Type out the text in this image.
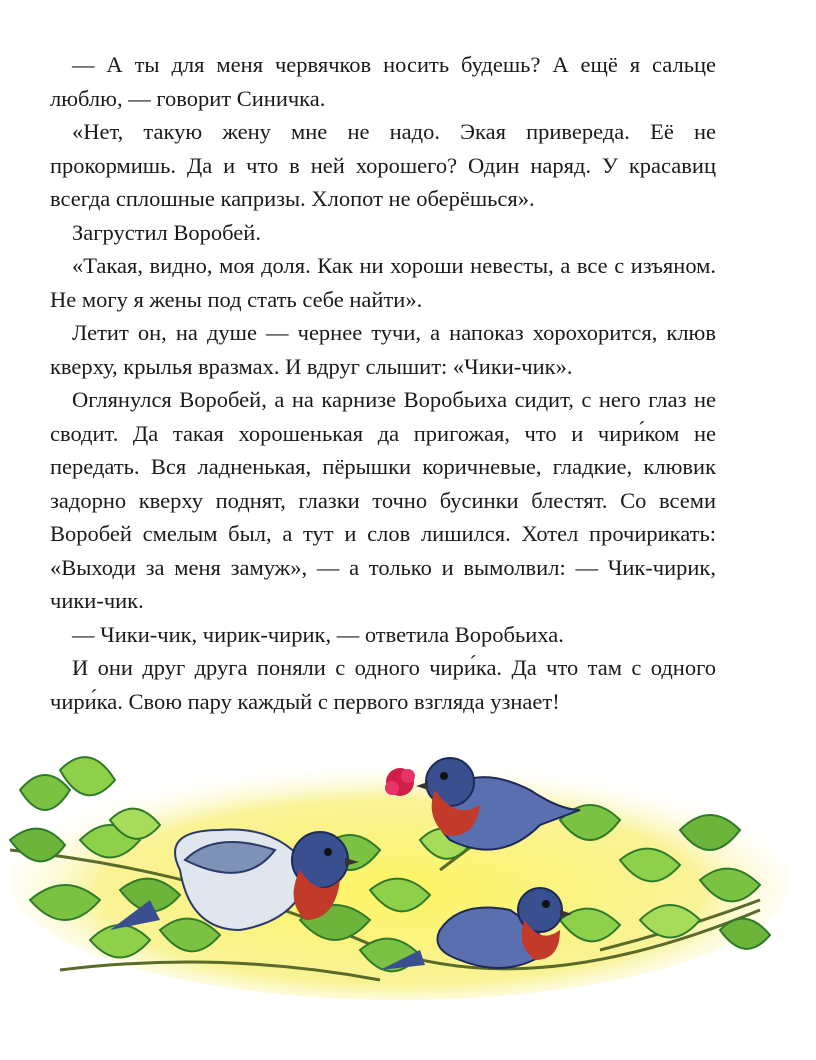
— А ты для меня червячков носить будешь? А ещё я сальце люблю, — говорит Синичка.

«Нет, такую жену мне не надо. Экая привереда. Её не прокормишь. Да и что в ней хорошего? Один наряд. У красавиц всегда сплошные капризы. Хлопот не оберёшься».

Загрустил Воробей.

«Такая, видно, моя доля. Как ни хороши невесты, а все с изъяном. Не могу я жены под стать себе найти».

Летит он, на душе — чернее тучи, а напоказ хорохорится, клюв кверху, крылья вразмах. И вдруг слышит: «Чики-чик».

Оглянулся Воробей, а на карнизе Воробьиха сидит, с него глаз не сводит. Да такая хорошенькая да пригожая, что и чири́ком не передать. Вся ладненькая, пёрышки коричневые, гладкие, клювик задорно кверху поднят, глазки точно бусинки блестят. Со всеми Воробей смелым был, а тут и слов лишился. Хотел прочирикать: «Выходи за меня замуж», — а только и вымолвил: — Чик-чирик, чики-чик.

— Чики-чик, чирик-чирик, — ответила Воробьиха.

И они друг друга поняли с одного чири́ка. Да что там с одного чири́ка. Свою пару каждый с первого взгляда узнает!
